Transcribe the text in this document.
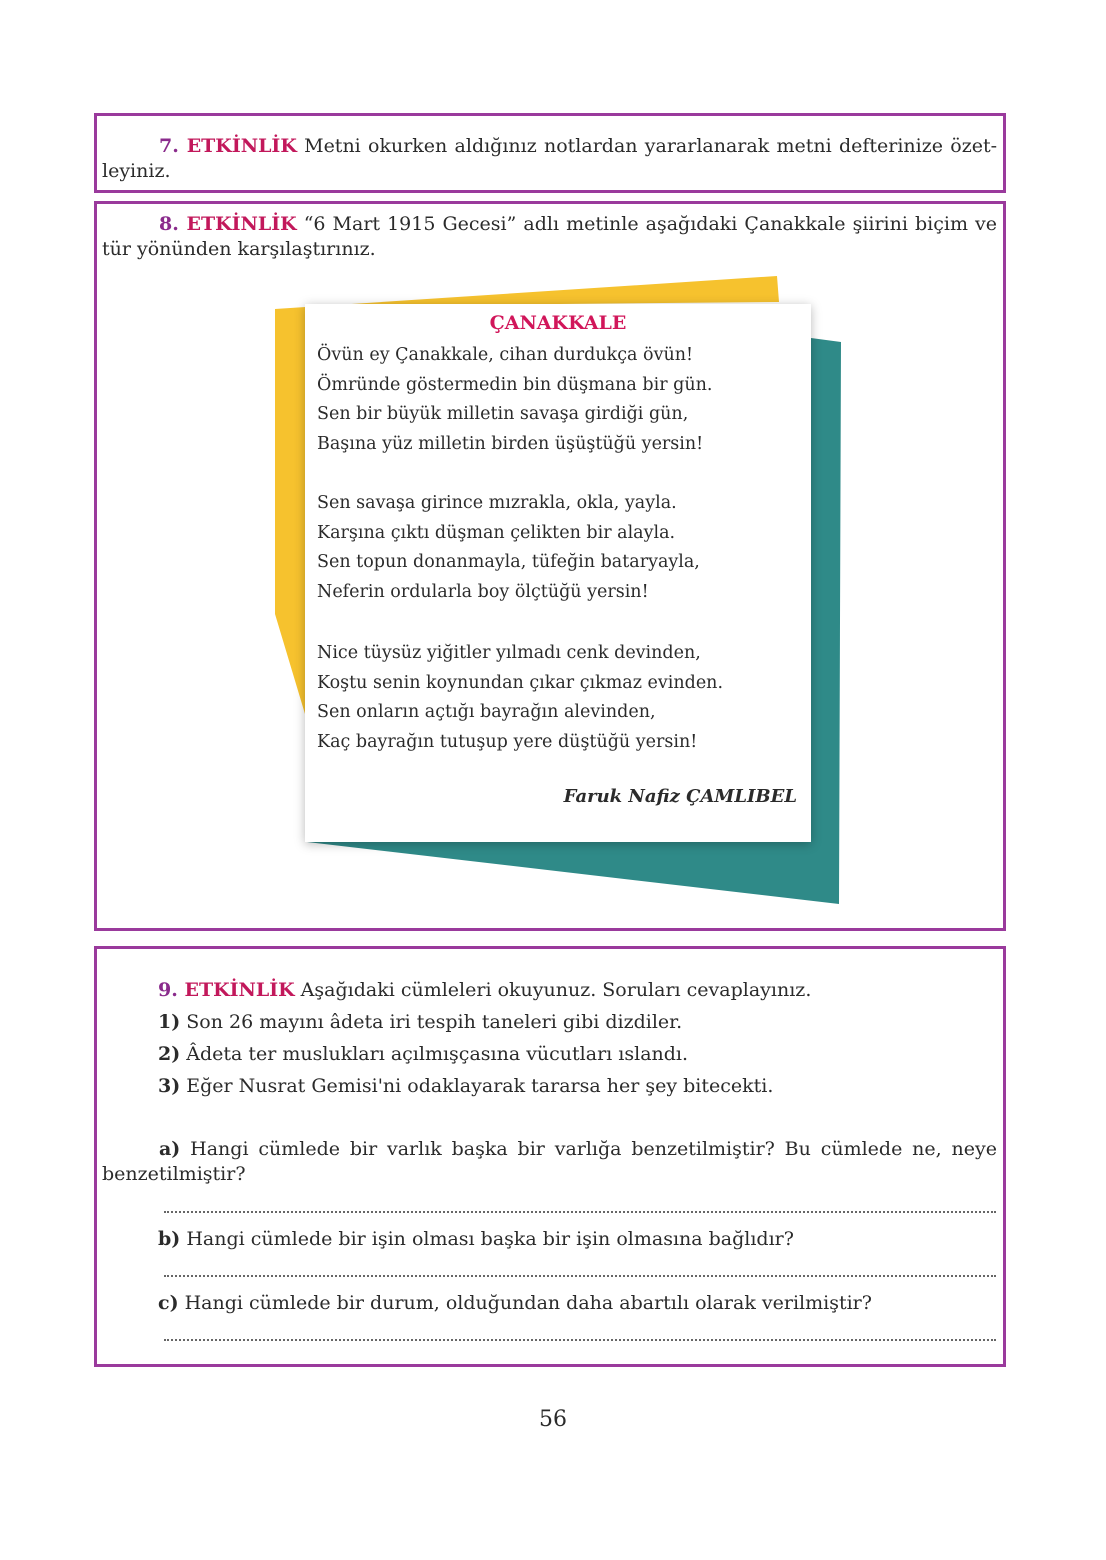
7. ETKİNLİK Metni okurken aldığınız notlardan yararlanarak metni defterinize özet-leyiniz.
8. ETKİNLİK “6 Mart 1915 Gecesi” adlı metinle aşağıdaki Çanakkale şiirini biçim ve tür yönünden karşılaştırınız.
ÇANAKKALE
Övün ey Çanakkale, cihan durdukça övün!
Ömründe göstermedin bin düşmana bir gün.
Sen bir büyük milletin savaşa girdiği gün,
Başına yüz milletin birden üşüştüğü yersin!
Sen savaşa girince mızrakla, okla, yayla.
Karşına çıktı düşman çelikten bir alayla.
Sen topun donanmayla, tüfeğin bataryayla,
Neferin ordularla boy ölçtüğü yersin!
Nice tüysüz yiğitler yılmadı cenk devinden,
Koştu senin koynundan çıkar çıkmaz evinden.
Sen onların açtığı bayrağın alevinden,
Kaç bayrağın tutuşup yere düştüğü yersin!
Faruk Nafiz ÇAMLIBEL
9. ETKİNLİK Aşağıdaki cümleleri okuyunuz. Soruları cevaplayınız.
1) Son 26 mayını âdeta iri tespih taneleri gibi dizdiler.
2) Âdeta ter muslukları açılmışçasına vücutları ıslandı.
3) Eğer Nusrat Gemisi'ni odaklayarak tararsa her şey bitecekti.
a) Hangi cümlede bir varlık başka bir varlığa benzetilmiştir? Bu cümlede ne, neye benzetilmiştir?
b) Hangi cümlede bir işin olması başka bir işin olmasına bağlıdır?
c) Hangi cümlede bir durum, olduğundan daha abartılı olarak verilmiştir?
56
